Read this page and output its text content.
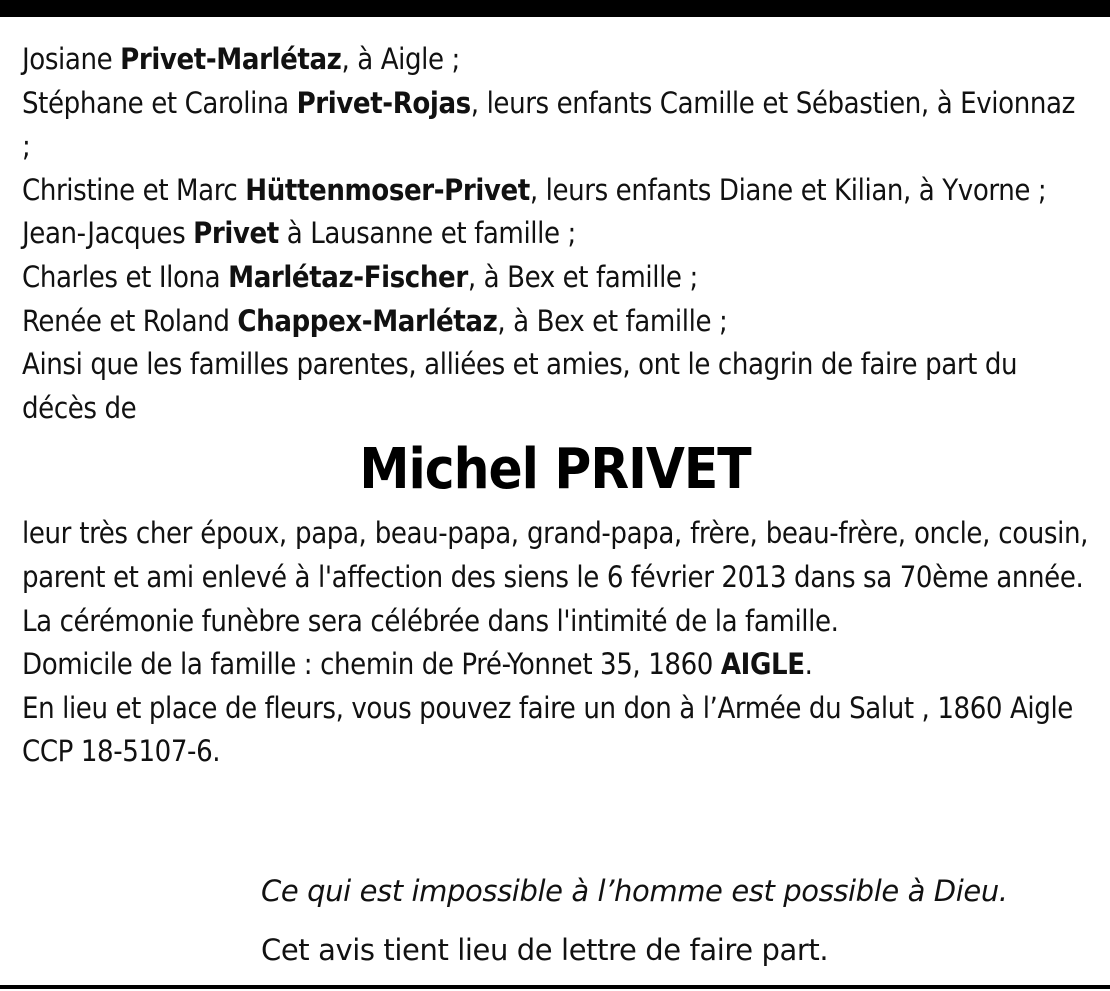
Josiane Privet-Marlétaz, à Aigle ;

Stéphane et Carolina Privet-Rojas, leurs enfants Camille et Sébastien, à Evionnaz ;

Christine et Marc Hüttenmoser-Privet, leurs enfants Diane et Kilian, à Yvorne ;

Jean-Jacques Privet à Lausanne et famille ;

Charles et Ilona Marlétaz-Fischer, à Bex et famille ;

Renée et Roland Chappex-Marlétaz, à Bex et famille ;

Ainsi que les familles parentes, alliées et amies, ont le chagrin de faire part du décès de

Michel PRIVET

leur très cher époux, papa, beau-papa, grand-papa, frère, beau-frère, oncle, cousin, parent et ami enlevé à l'affection des siens le 6 février 2013 dans sa 70ème année.

La cérémonie funèbre sera célébrée dans l'intimité de la famille.

Domicile de la famille : chemin de Pré-Yonnet 35, 1860 AIGLE.

En lieu et place de fleurs, vous pouvez faire un don à l’Armée du Salut , 1860 Aigle CCP 18-5107-6.

Ce qui est impossible à l’homme est possible à Dieu.
Cet avis tient lieu de lettre de faire part.
